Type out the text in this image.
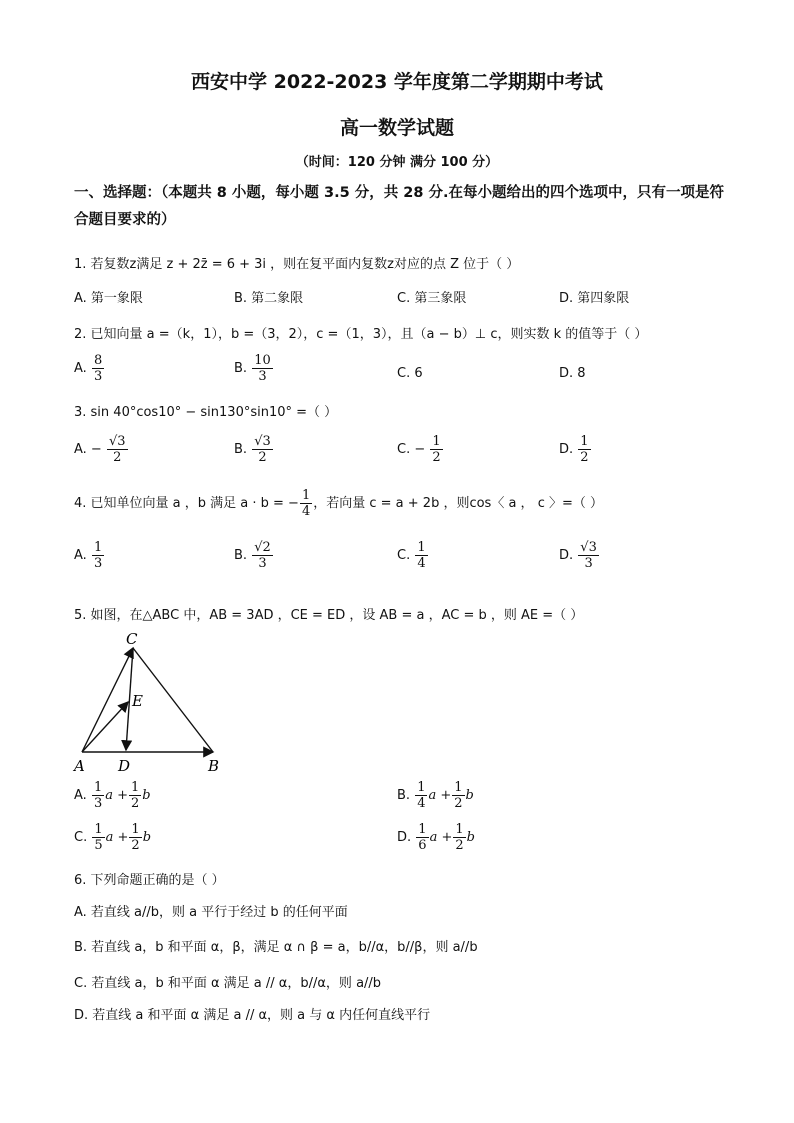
西安中学 2022-2023 学年度第二学期期中考试
高一数学试题
（时间：120 分钟 满分 100 分）
一、选择题：（本题共 8 小题，每小题 3.5 分，共 28 分.在每小题给出的四个选项中，只有一项是符合题目要求的）
1. 若复数z满足 z + 2z̄ = 6 + 3i ，则在复平面内复数z对应的点 Z 位于（ ）
A. 第一象限	B. 第二象限	C. 第三象限	D. 第四象限
2. 已知向量 a =（k，1），b =（3，2），c =（1，3），且（a − b）⊥ c，则实数 k 的值等于（ ）
A. $\frac{8}{3}$	B. $\frac{10}{3}$	C. 6	D. 8
3. sin 40°cos10° − sin130°sin10° =（ ）
A. − $\frac{√3}{2}$	B. $\frac{√3}{2}$	C. − $\frac{1}{2}$	D. $\frac{1}{2}$
4. 已知单位向量 a ，b 满足 a · b = − $\frac{1}{4}$ ，若向量 c = a + 2b ，则cos〈 a ， c 〉=（ ）
A. $\frac{1}{3}$	B. $\frac{√2}{3}$	C. $\frac{1}{4}$	D. $\frac{√3}{3}$
5. 如图，在△ABC 中，AB = 3AD ，CE = ED ，设 AB = a ，AC = b ，则 AE =（ ）
C
E
A D	B
A. $\frac{1}{3}$ $a + \frac{1}{2}$ b	B. $\frac{1}{4}$ $a + \frac{1}{2}$ b
C. $\frac{1}{5}$ $a + \frac{1}{2}$ b	D. $\frac{1}{6}$ $a + \frac{1}{2}$ b
6. 下列命题正确的是（ ）
A. 若直线 a//b，则 a 平行于经过 b 的任何平面
B. 若直线 a，b 和平面 α，β，满足 α ∩ β = a，b//α，b//β，则 a//b
C. 若直线 a，b 和平面 α 满足 a // α，b//α，则 a//b
D. 若直线 a 和平面 α 满足 a // α，则 a 与 α 内任何直线平行
